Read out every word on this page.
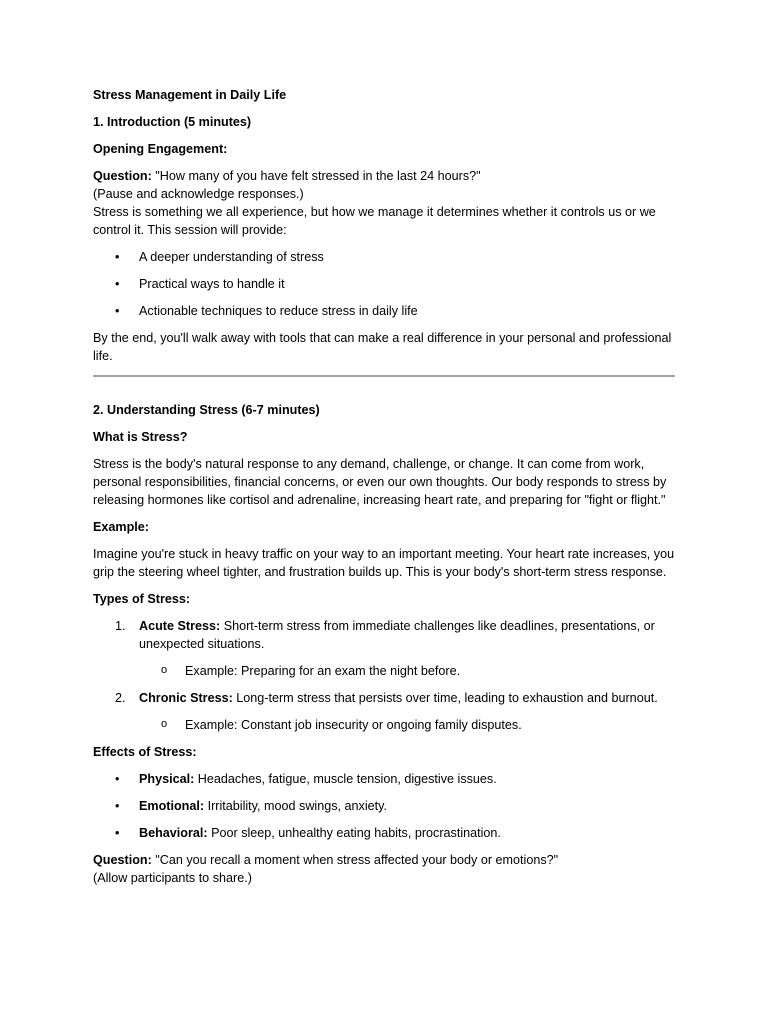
Stress Management in Daily Life

1. Introduction (5 minutes)

Opening Engagement:

Question: "How many of you have felt stressed in the last 24 hours?"

(Pause and acknowledge responses.)

Stress is something we all experience, but how we manage it determines whether it controls us or we control it. This session will provide:

• A deeper understanding of stress
• Practical ways to handle it
• Actionable techniques to reduce stress in daily life

By the end, you'll walk away with tools that can make a real difference in your personal and professional life.

2. Understanding Stress (6-7 minutes)

What is Stress?

Stress is the body's natural response to any demand, challenge, or change. It can come from work, personal responsibilities, financial concerns, or even our own thoughts. Our body responds to stress by releasing hormones like cortisol and adrenaline, increasing heart rate, and preparing for "fight or flight."

Example:

Imagine you're stuck in heavy traffic on your way to an important meeting. Your heart rate increases, you grip the steering wheel tighter, and frustration builds up. This is your body's short-term stress response.

Types of Stress:

1. Acute Stress: Short-term stress from immediate challenges like deadlines, presentations, or unexpected situations.
o Example: Preparing for an exam the night before.
2. Chronic Stress: Long-term stress that persists over time, leading to exhaustion and burnout.
o Example: Constant job insecurity or ongoing family disputes.

Effects of Stress:

• Physical: Headaches, fatigue, muscle tension, digestive issues.
• Emotional: Irritability, mood swings, anxiety.
• Behavioral: Poor sleep, unhealthy eating habits, procrastination.

Question: "Can you recall a moment when stress affected your body or emotions?"

(Allow participants to share.)
